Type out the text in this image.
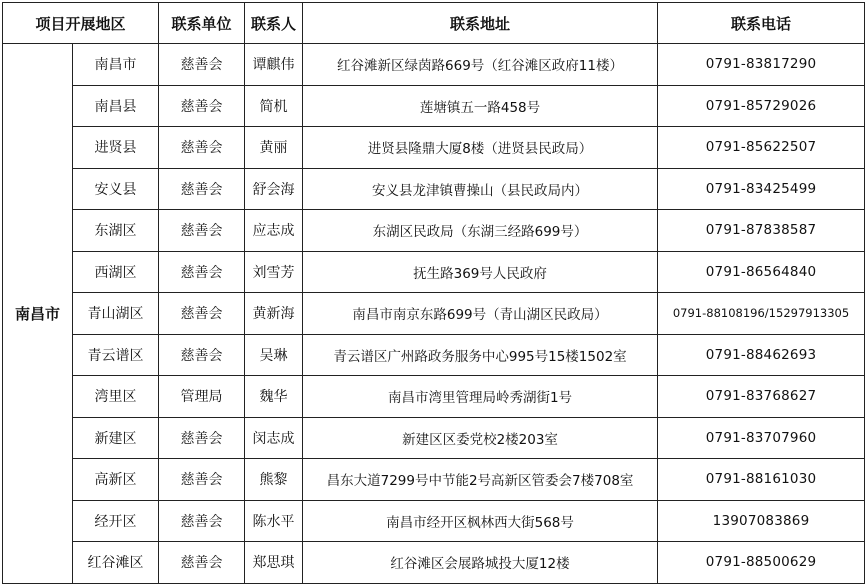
项目开展地区		联系单位	联系人	联系地址	联系电话
南昌市	南昌市	慈善会	谭麒伟	红谷滩新区绿茵路669号（红谷滩区政府11楼）	0791-83817290
	南昌县	慈善会	简机	莲塘镇五一路458号	0791-85729026
	进贤县	慈善会	黄丽	进贤县隆鼎大厦8楼（进贤县民政局）	0791-85622507
	安义县	慈善会	舒会海	安义县龙津镇曹操山（县民政局内）	0791-83425499
	东湖区	慈善会	应志成	东湖区民政局（东湖三经路699号）	0791-87838587
	西湖区	慈善会	刘雪芳	抚生路369号人民政府	0791-86564840
	青山湖区	慈善会	黄新海	南昌市南京东路699号（青山湖区民政局）	0791-88108196/15297913305
	青云谱区	慈善会	吴琳	青云谱区广州路政务服务中心995号15楼1502室	0791-88462693
	湾里区	管理局	魏华	南昌市湾里管理局岭秀湖街1号	0791-83768627
	新建区	慈善会	闵志成	新建区区委党校2楼203室	0791-83707960
	高新区	慈善会	熊黎	昌东大道7299号中节能2号高新区管委会7楼708室	0791-88161030
	经开区	慈善会	陈水平	南昌市经开区枫林西大街568号	13907083869
	红谷滩区	慈善会	郑思琪	红谷滩区会展路城投大厦12楼	0791-88500629
